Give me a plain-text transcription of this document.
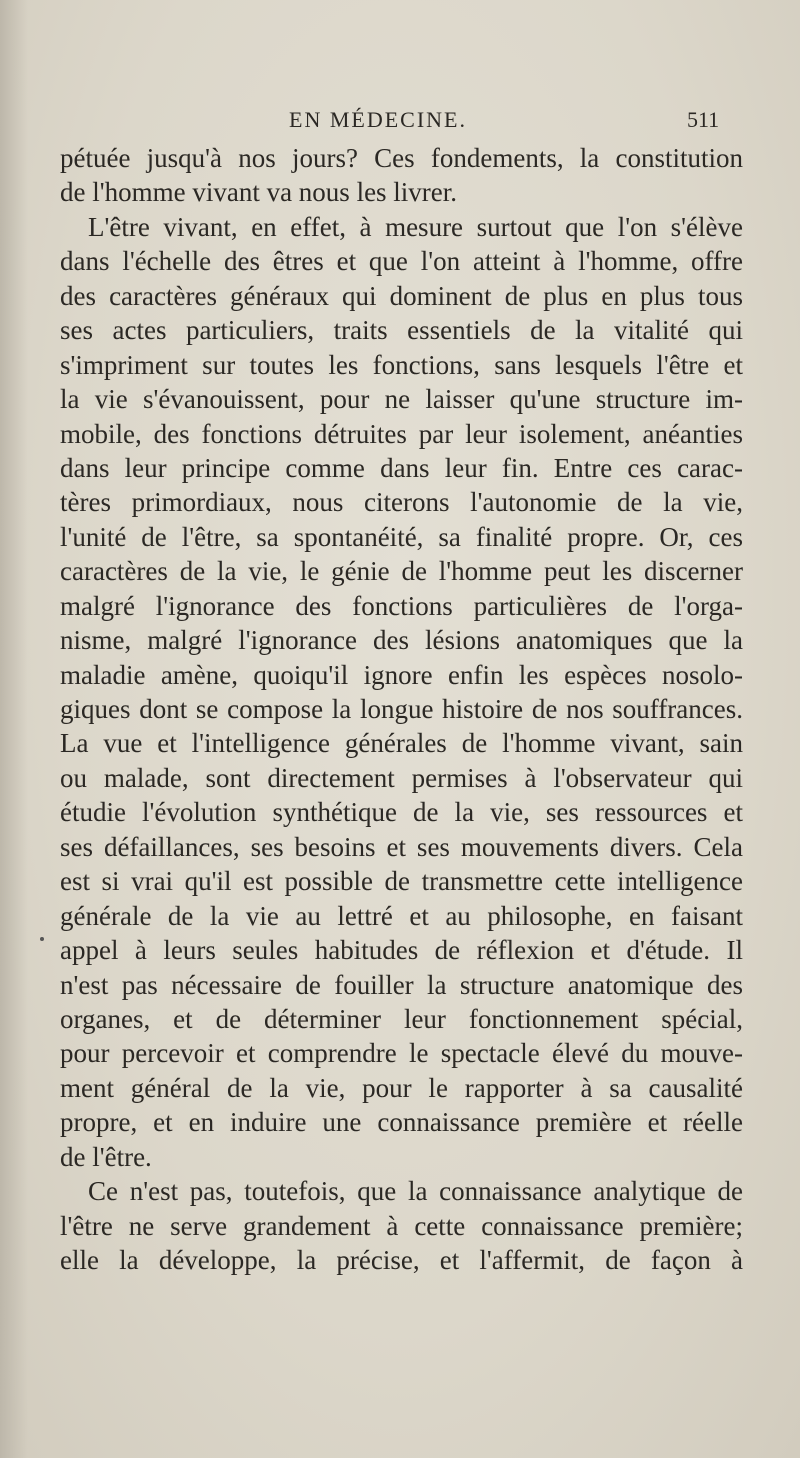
EN MÉDECINE.	511
pétuée jusqu'à nos jours? Ces fondements, la constitution
de l'homme vivant va nous les livrer.
L'être vivant, en effet, à mesure surtout que l'on s'élève
dans l'échelle des êtres et que l'on atteint à l'homme, offre
des caractères généraux qui dominent de plus en plus tous
ses actes particuliers, traits essentiels de la vitalité qui
s'impriment sur toutes les fonctions, sans lesquels l'être et
la vie s'évanouissent, pour ne laisser qu'une structure im-
mobile, des fonctions détruites par leur isolement, anéanties
dans leur principe comme dans leur fin. Entre ces carac-
tères primordiaux, nous citerons l'autonomie de la vie,
l'unité de l'être, sa spontanéité, sa finalité propre. Or, ces
caractères de la vie, le génie de l'homme peut les discerner
malgré l'ignorance des fonctions particulières de l'orga-
nisme, malgré l'ignorance des lésions anatomiques que la
maladie amène, quoiqu'il ignore enfin les espèces nosolo-
giques dont se compose la longue histoire de nos souffrances.
La vue et l'intelligence générales de l'homme vivant, sain
ou malade, sont directement permises à l'observateur qui
étudie l'évolution synthétique de la vie, ses ressources et
ses défaillances, ses besoins et ses mouvements divers. Cela
est si vrai qu'il est possible de transmettre cette intelligence
générale de la vie au lettré et au philosophe, en faisant
appel à leurs seules habitudes de réflexion et d'étude. Il
n'est pas nécessaire de fouiller la structure anatomique des
organes, et de déterminer leur fonctionnement spécial,
pour percevoir et comprendre le spectacle élevé du mouve-
ment général de la vie, pour le rapporter à sa causalité
propre, et en induire une connaissance première et réelle
de l'être.
Ce n'est pas, toutefois, que la connaissance analytique de
l'être ne serve grandement à cette connaissance première;
elle la développe, la précise, et l'affermit, de façon à
